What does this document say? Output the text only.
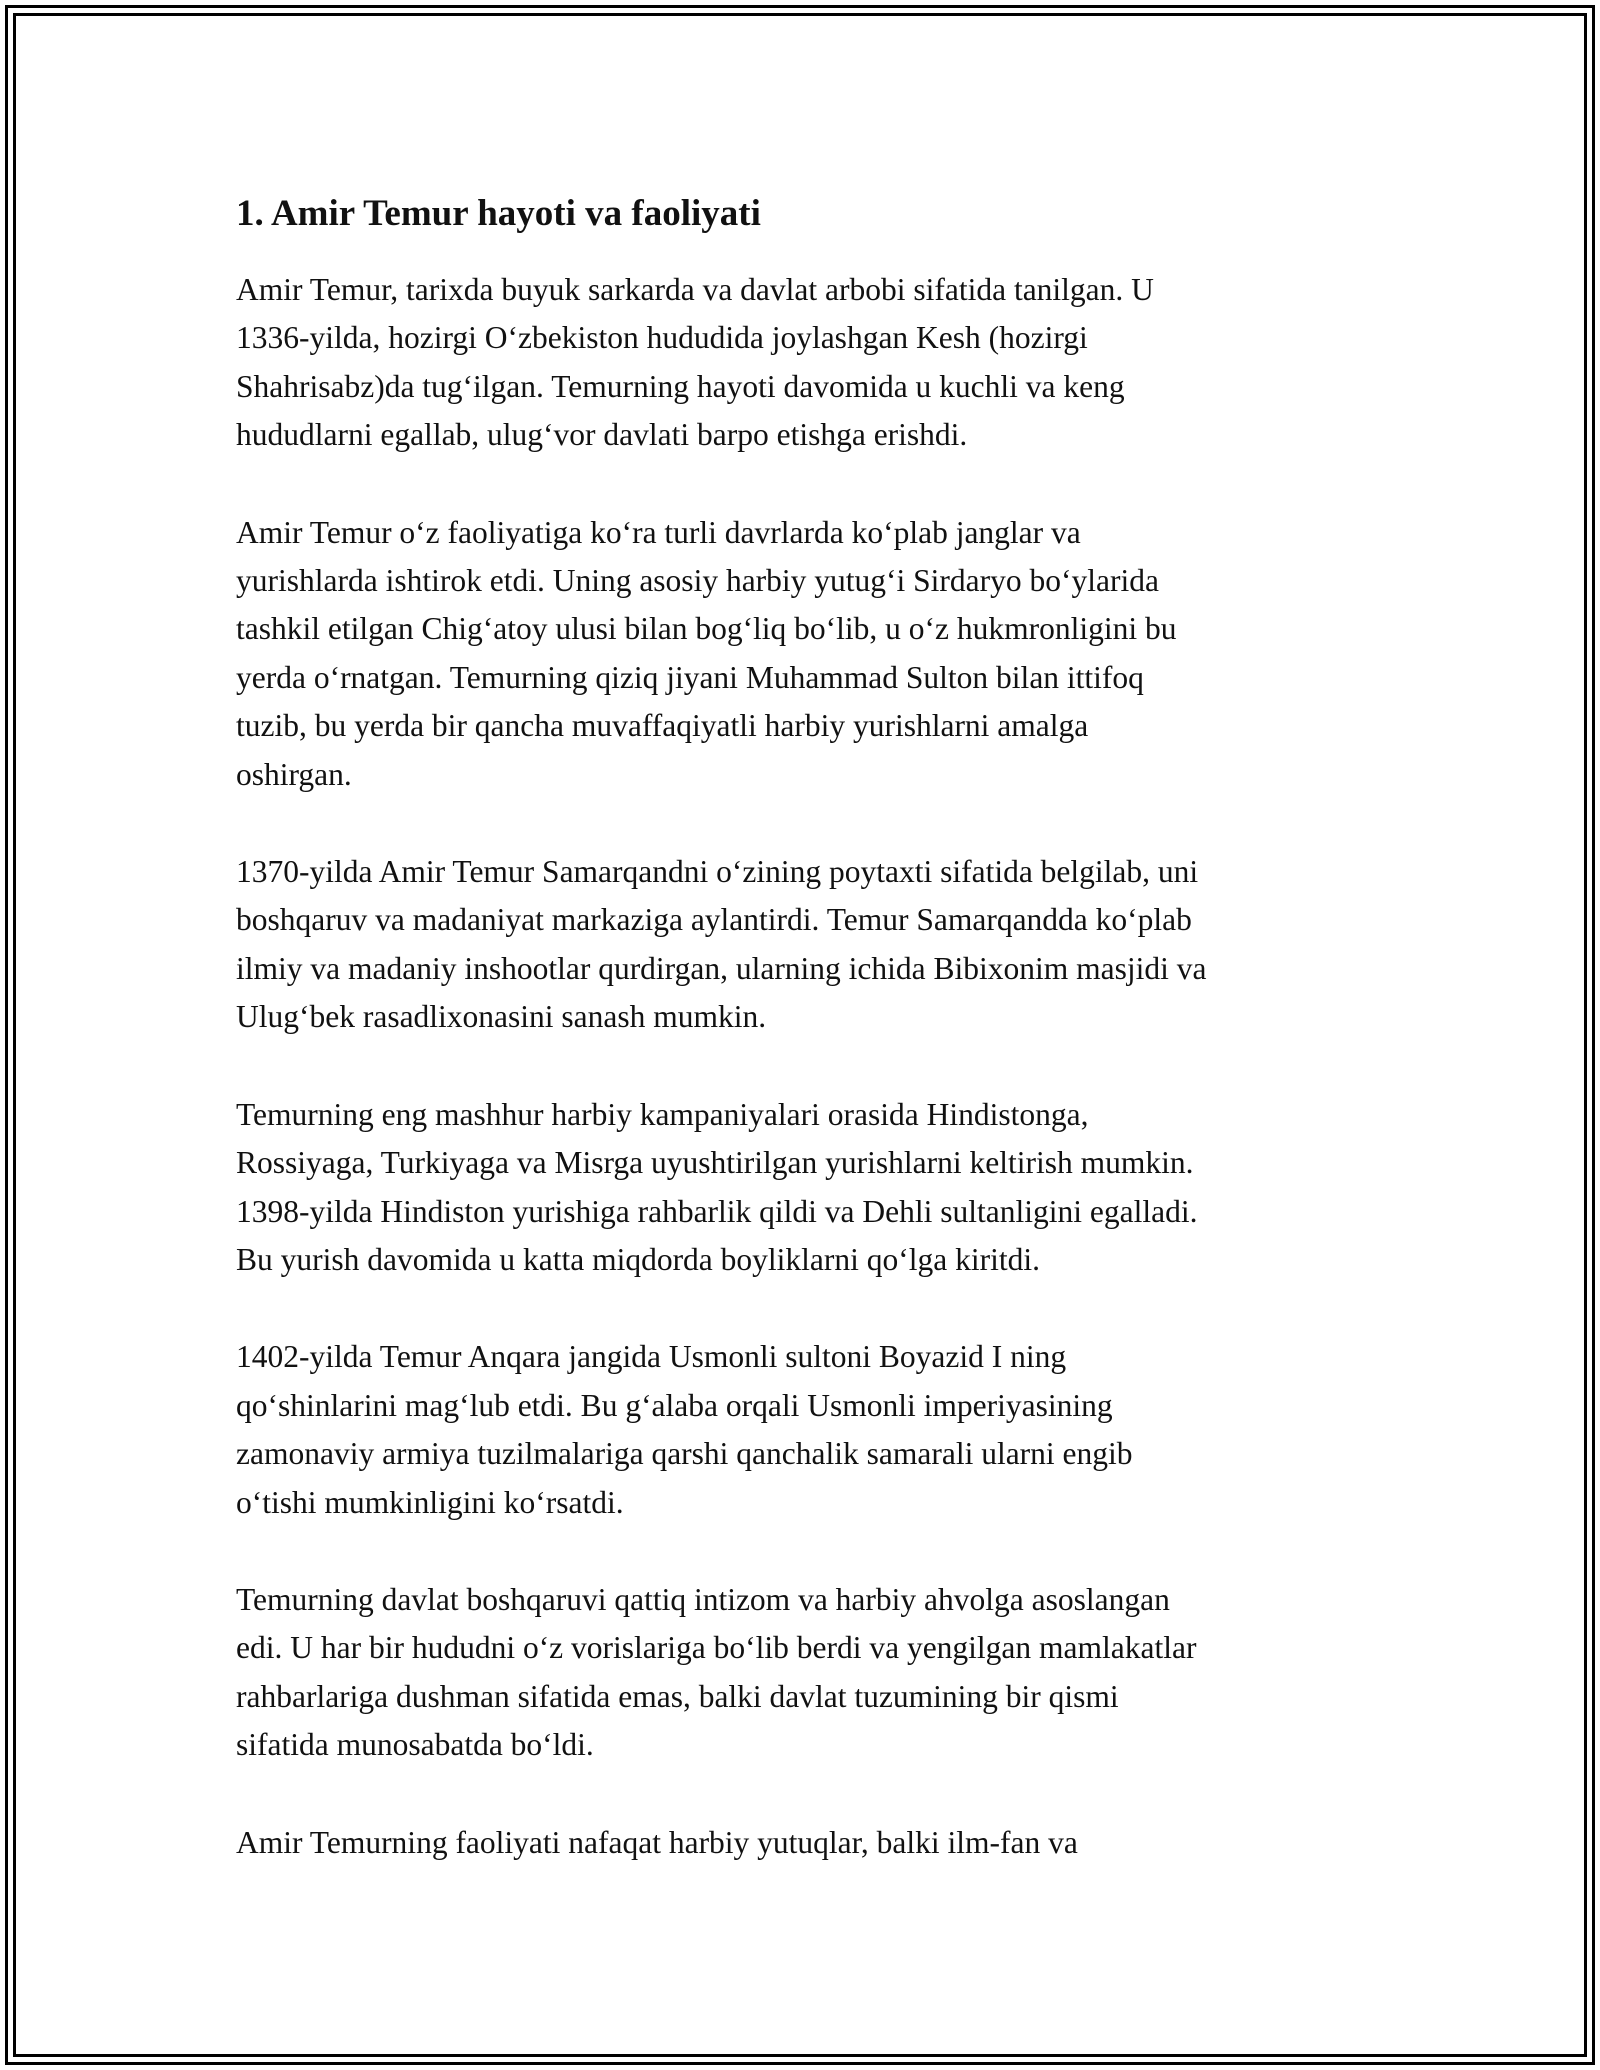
1. Amir Temur hayoti va faoliyati

Amir Temur, tarixda buyuk sarkarda va davlat arbobi sifatida tanilgan. U
1336-yilda, hozirgi O‘zbekiston hududida joylashgan Kesh (hozirgi
Shahrisabz)da tug‘ilgan. Temurning hayoti davomida u kuchli va keng
hududlarni egallab, ulug‘vor davlati barpo etishga erishdi.

Amir Temur o‘z faoliyatiga ko‘ra turli davrlarda ko‘plab janglar va
yurishlarda ishtirok etdi. Uning asosiy harbiy yutug‘i Sirdaryo bo‘ylarida
tashkil etilgan Chig‘atoy ulusi bilan bog‘liq bo‘lib, u o‘z hukmronligini bu
yerda o‘rnatgan. Temurning qiziq jiyani Muhammad Sulton bilan ittifoq
tuzib, bu yerda bir qancha muvaffaqiyatli harbiy yurishlarni amalga
oshirgan.

1370-yilda Amir Temur Samarqandni o‘zining poytaxti sifatida belgilab, uni
boshqaruv va madaniyat markaziga aylantirdi. Temur Samarqandda ko‘plab
ilmiy va madaniy inshootlar qurdirgan, ularning ichida Bibixonim masjidi va
Ulug‘bek rasadlixonasini sanash mumkin.

Temurning eng mashhur harbiy kampaniyalari orasida Hindistonga,
Rossiyaga, Turkiyaga va Misrga uyushtirilgan yurishlarni keltirish mumkin.
1398-yilda Hindiston yurishiga rahbarlik qildi va Dehli sultanligini egalladi.
Bu yurish davomida u katta miqdorda boyliklarni qo‘lga kiritdi.

1402-yilda Temur Anqara jangida Usmonli sultoni Boyazid I ning
qo‘shinlarini mag‘lub etdi. Bu g‘alaba orqali Usmonli imperiyasining
zamonaviy armiya tuzilmalariga qarshi qanchalik samarali ularni engib
o‘tishi mumkinligini ko‘rsatdi.

Temurning davlat boshqaruvi qattiq intizom va harbiy ahvolga asoslangan
edi. U har bir hududni o‘z vorislariga bo‘lib berdi va yengilgan mamlakatlar
rahbarlariga dushman sifatida emas, balki davlat tuzumining bir qismi
sifatida munosabatda bo‘ldi.

Amir Temurning faoliyati nafaqat harbiy yutuqlar, balki ilm-fan va
